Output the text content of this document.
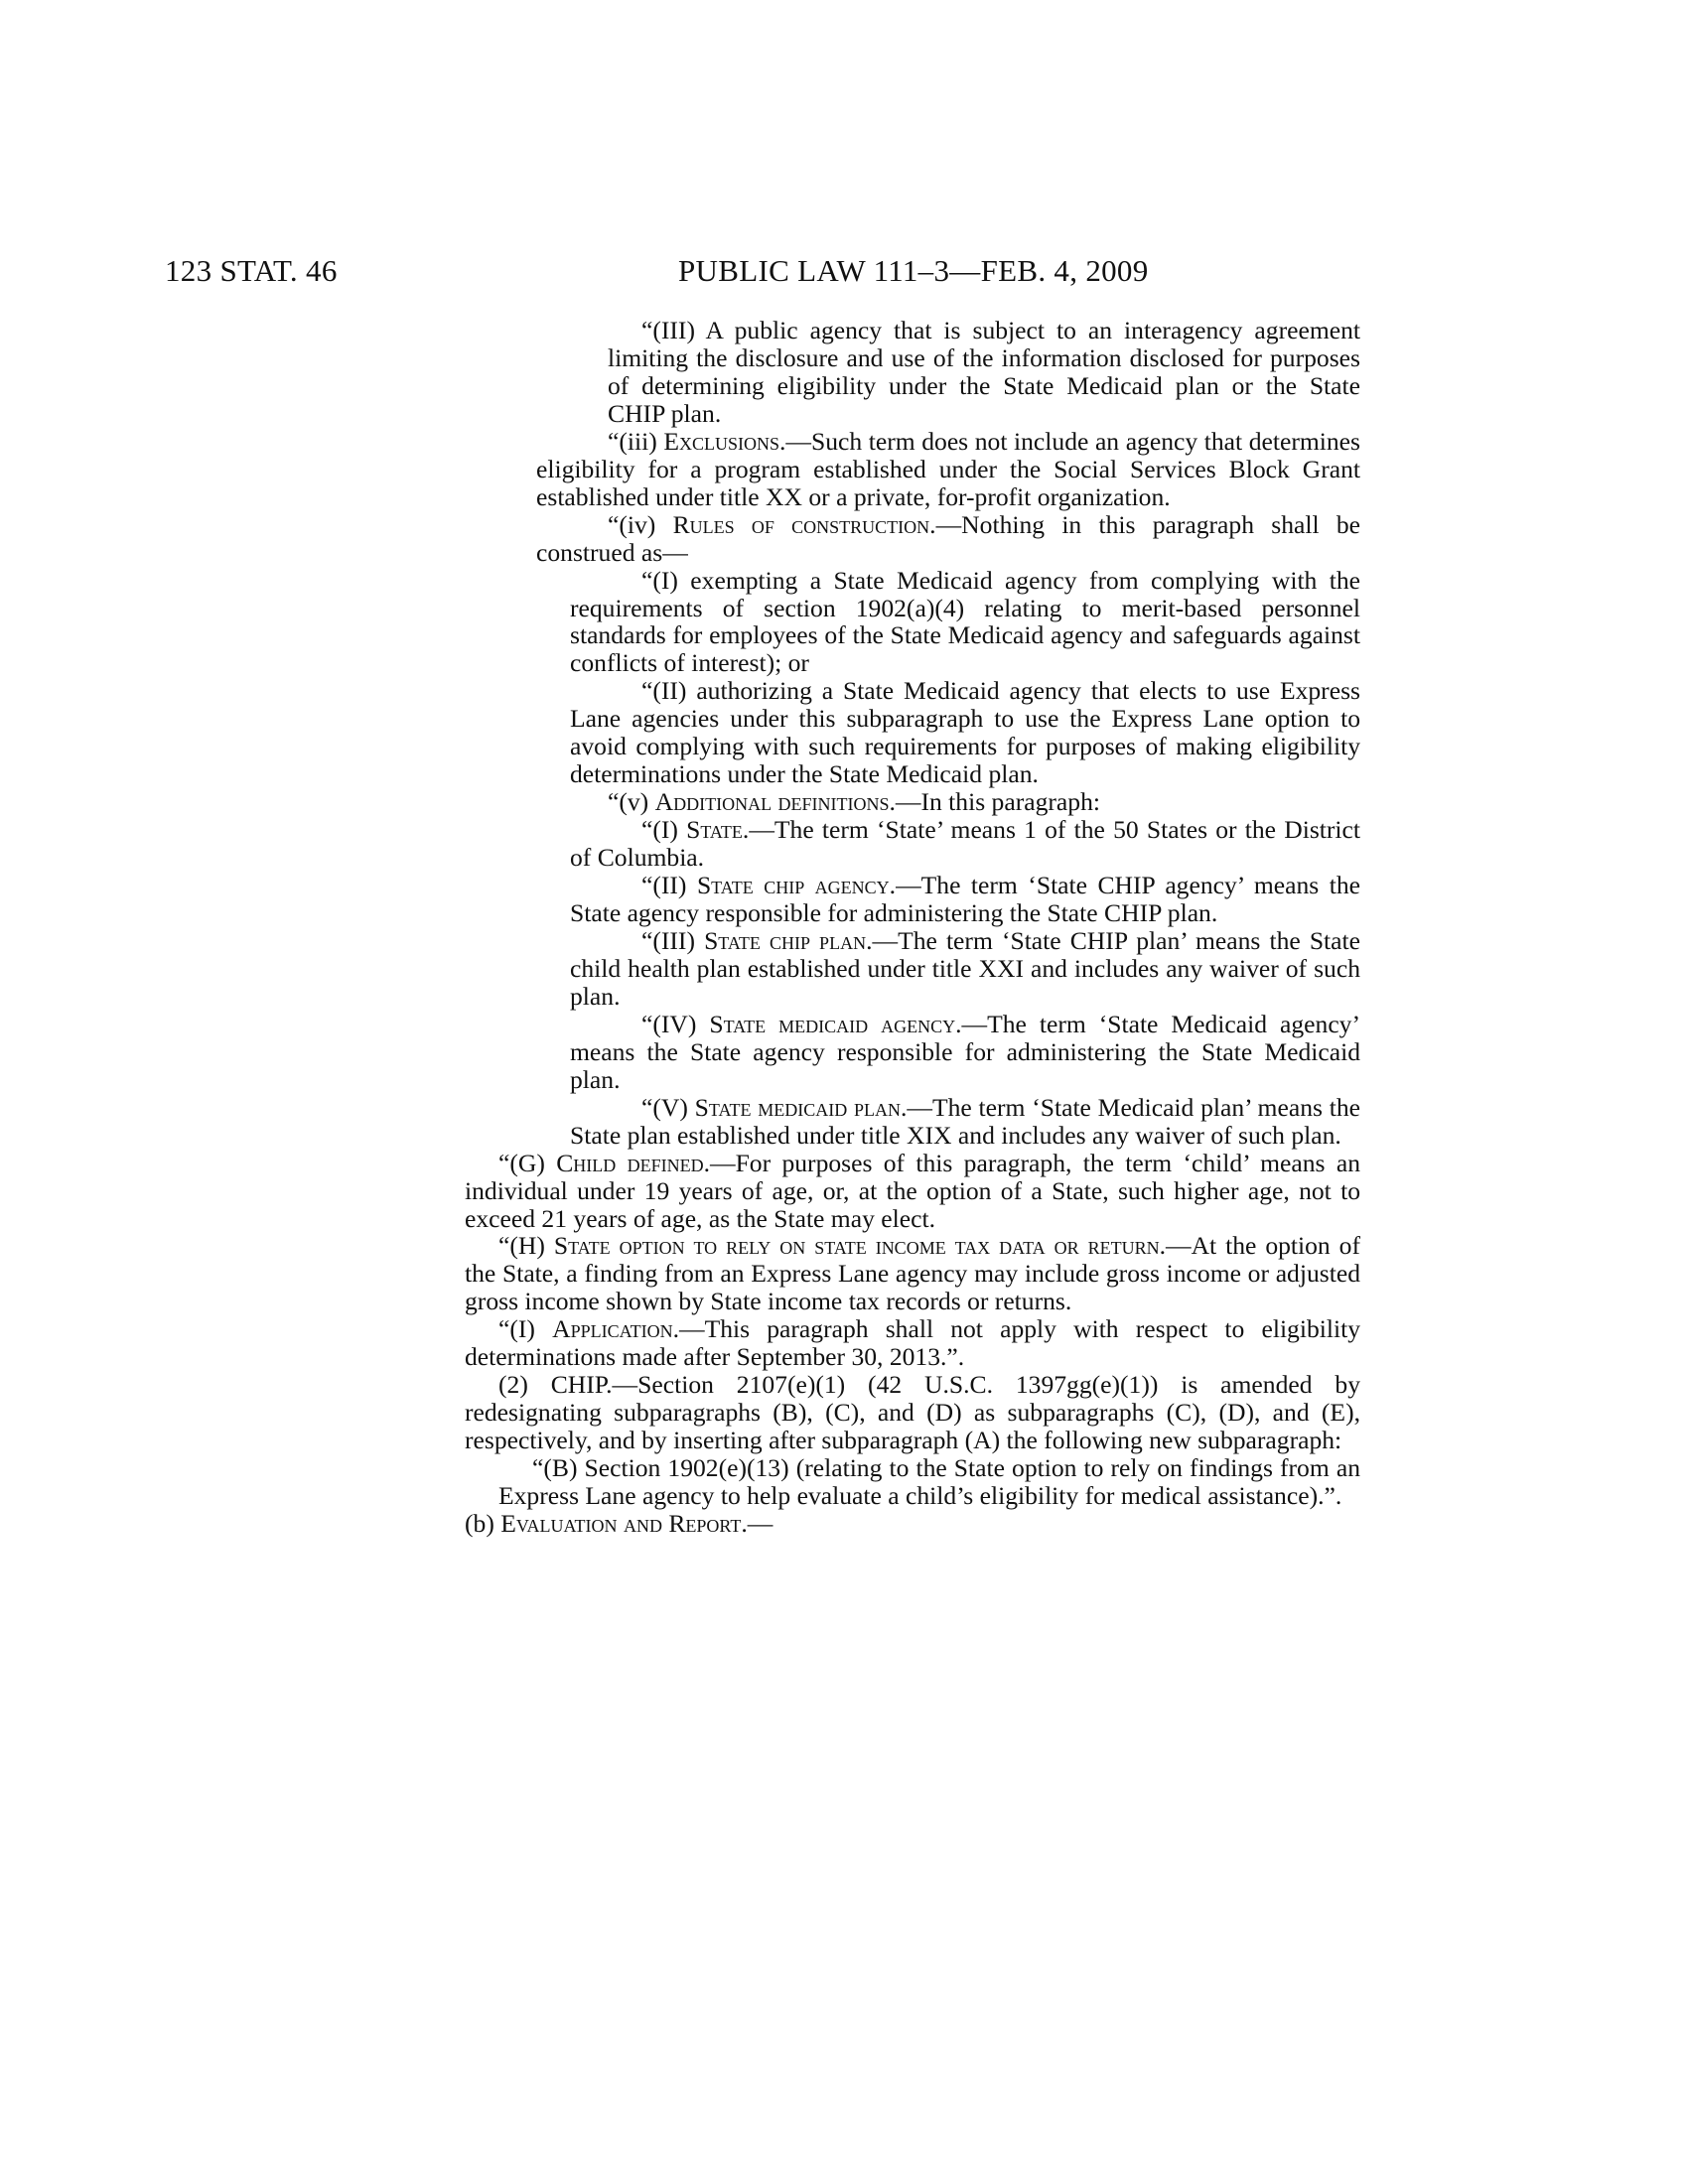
123 STAT. 46	PUBLIC LAW 111–3—FEB. 4, 2009

“(III) A public agency that is subject to an interagency agreement limiting the disclosure and use of the information disclosed for purposes of determining eligibility under the State Medicaid plan or the State CHIP plan.

“(iii) Exclusions.—Such term does not include an agency that determines eligibility for a program established under the Social Services Block Grant established under title XX or a private, for-profit organization.

“(iv) Rules of construction.—Nothing in this paragraph shall be construed as—

“(I) exempting a State Medicaid agency from complying with the requirements of section 1902(a)(4) relating to merit-based personnel standards for employees of the State Medicaid agency and safeguards against conflicts of interest); or

“(II) authorizing a State Medicaid agency that elects to use Express Lane agencies under this subparagraph to use the Express Lane option to avoid complying with such requirements for purposes of making eligibility determinations under the State Medicaid plan.

“(v) Additional definitions.—In this paragraph:

“(I) State.—The term ‘State’ means 1 of the 50 States or the District of Columbia.

“(II) State chip agency.—The term ‘State CHIP agency’ means the State agency responsible for administering the State CHIP plan.

“(III) State chip plan.—The term ‘State CHIP plan’ means the State child health plan established under title XXI and includes any waiver of such plan.

“(IV) State medicaid agency.—The term ‘State Medicaid agency’ means the State agency responsible for administering the State Medicaid plan.

“(V) State medicaid plan.—The term ‘State Medicaid plan’ means the State plan established under title XIX and includes any waiver of such plan.

“(G) Child defined.—For purposes of this paragraph, the term ‘child’ means an individual under 19 years of age, or, at the option of a State, such higher age, not to exceed 21 years of age, as the State may elect.

“(H) State option to rely on state income tax data or return.—At the option of the State, a finding from an Express Lane agency may include gross income or adjusted gross income shown by State income tax records or returns.

“(I) Application.—This paragraph shall not apply with respect to eligibility determinations made after September 30, 2013.”.

(2) CHIP.—Section 2107(e)(1) (42 U.S.C. 1397gg(e)(1)) is amended by redesignating subparagraphs (B), (C), and (D) as subparagraphs (C), (D), and (E), respectively, and by inserting after subparagraph (A) the following new subparagraph:

“(B) Section 1902(e)(13) (relating to the State option to rely on findings from an Express Lane agency to help evaluate a child’s eligibility for medical assistance).”.

(b) Evaluation and Report.—
